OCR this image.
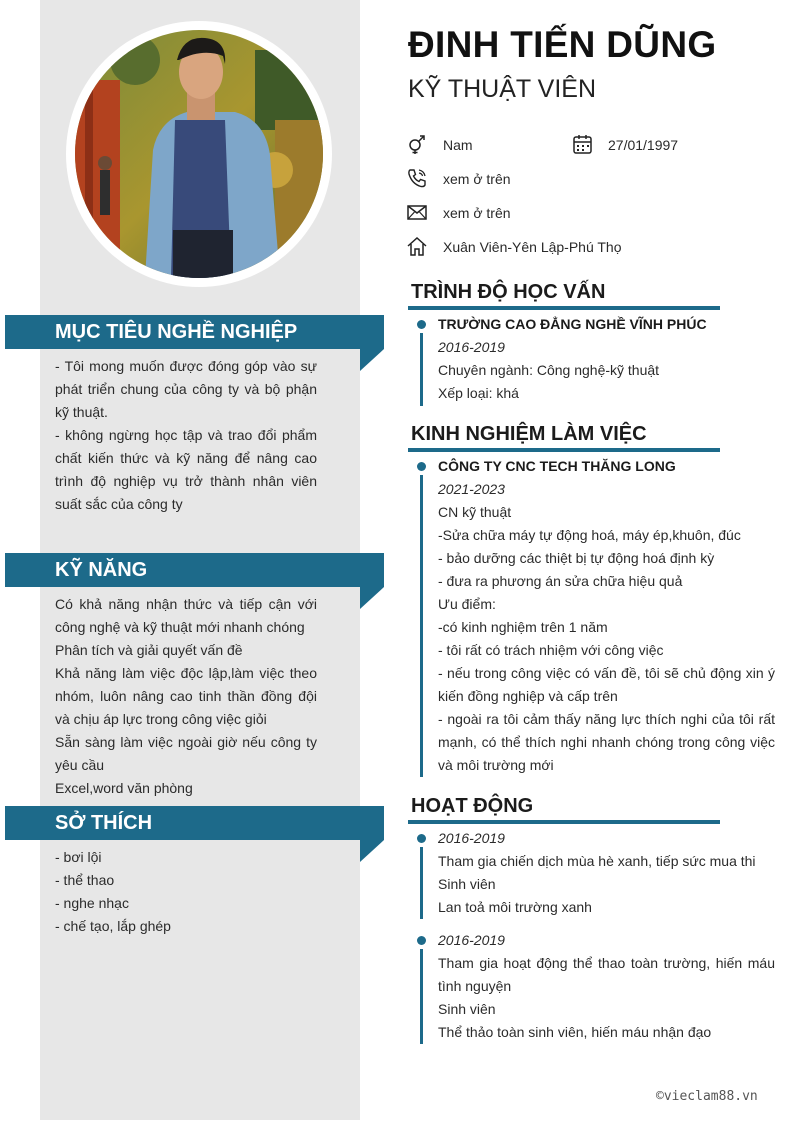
MỤC TIÊU NGHỀ NGHIỆP
- Tôi mong muốn được đóng góp vào sự phát triển chung của công ty và bộ phận kỹ thuật.
- không ngừng học tập và trao đổi phẩm chất kiến thức và kỹ năng để nâng cao trình độ nghiệp vụ trở thành nhân viên suất sắc của công ty
KỸ NĂNG
Có khả năng nhận thức và tiếp cận với công nghệ và kỹ thuật mới nhanh chóng
Phân tích và giải quyết vấn đề
Khả năng làm việc độc lập,làm việc theo nhóm, luôn nâng cao tinh thần đồng đội và chịu áp lực trong công việc giỏi
Sẵn sàng làm việc ngoài giờ nếu công ty yêu cầu
Excel,word văn phòng
SỞ THÍCH
- bơi lội
- thể thao
- nghe nhạc
- chế tạo, lắp ghép
ĐINH TIẾN DŨNG
KỸ THUẬT VIÊN
Nam	27/01/1997
xem ở trên
xem ở trên
Xuân Viên-Yên Lập-Phú Thọ
TRÌNH ĐỘ HỌC VẤN
TRƯỜNG CAO ĐẲNG NGHỀ VĨNH PHÚC
2016-2019
Chuyên ngành: Công nghệ-kỹ thuật
Xếp loại: khá
KINH NGHIỆM LÀM VIỆC
CÔNG TY CNC TECH THĂNG LONG
2021-2023
CN kỹ thuật
-Sửa chữa máy tự động hoá, máy ép,khuôn, đúc
- bảo dưỡng các thiệt bị tự động hoá định kỳ
- đưa ra phương án sửa chữa hiệu quả
Ưu điểm:
-có kinh nghiệm trên 1 năm
- tôi rất có trách nhiệm với công việc
- nếu trong công việc có vấn đề, tôi sẽ chủ động xin ý kiến đồng nghiệp và cấp trên
- ngoài ra tôi cảm thấy năng lực thích nghi của tôi rất mạnh, có thể thích nghi nhanh chóng trong công việc và môi trường mới
HOẠT ĐỘNG
2016-2019
Tham gia chiến dịch mùa hè xanh, tiếp sức mua thi
Sinh viên
Lan toả môi trường xanh
2016-2019
Tham gia hoạt động thể thao toàn trường, hiến máu tình nguyện
Sinh viên
Thể thảo toàn sinh viên, hiến máu nhận đạo
©vieclam88.vn
